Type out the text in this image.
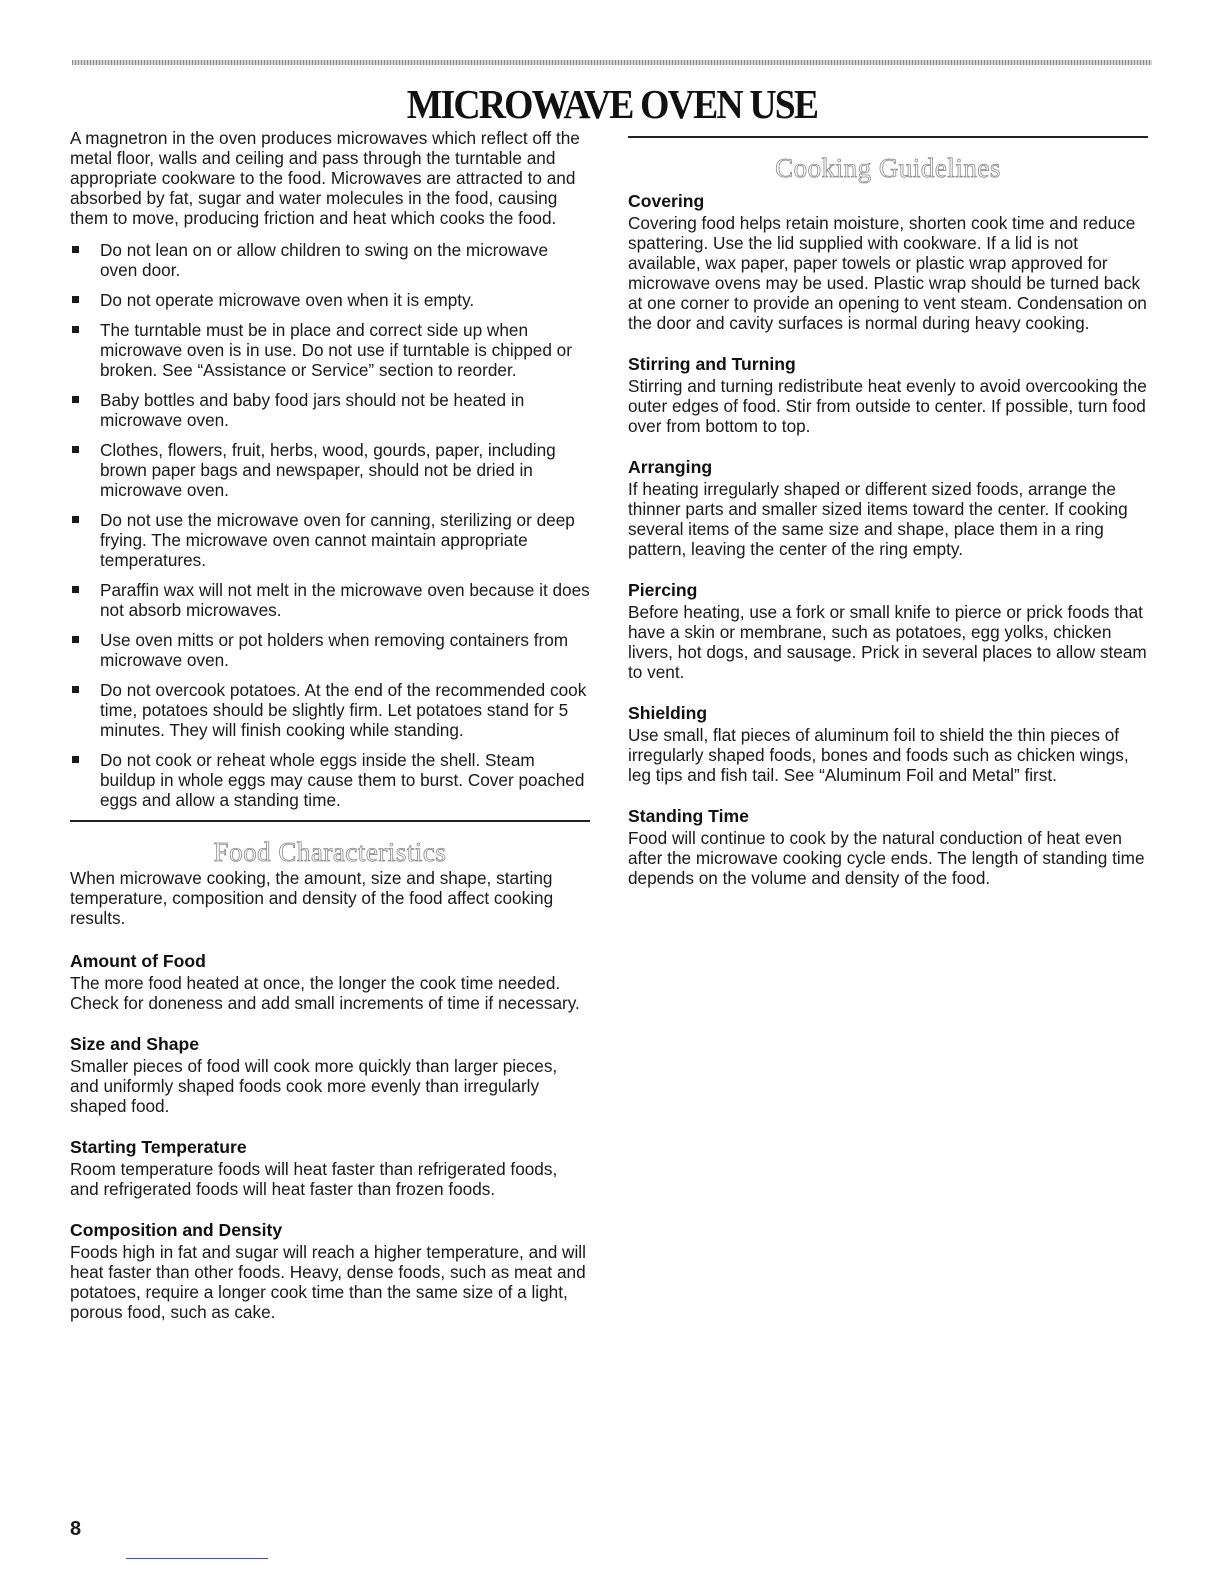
MICROWAVE OVEN USE

A magnetron in the oven produces microwaves which reflect off the metal floor, walls and ceiling and pass through the turntable and appropriate cookware to the food. Microwaves are attracted to and absorbed by fat, sugar and water molecules in the food, causing them to move, producing friction and heat which cooks the food.

Do not lean on or allow children to swing on the microwave oven door.
Do not operate microwave oven when it is empty.
The turntable must be in place and correct side up when microwave oven is in use. Do not use if turntable is chipped or broken. See “Assistance or Service” section to reorder.
Baby bottles and baby food jars should not be heated in microwave oven.
Clothes, flowers, fruit, herbs, wood, gourds, paper, including brown paper bags and newspaper, should not be dried in microwave oven.
Do not use the microwave oven for canning, sterilizing or deep frying. The microwave oven cannot maintain appropriate temperatures.
Paraffin wax will not melt in the microwave oven because it does not absorb microwaves.
Use oven mitts or pot holders when removing containers from microwave oven.
Do not overcook potatoes. At the end of the recommended cook time, potatoes should be slightly firm. Let potatoes stand for 5 minutes. They will finish cooking while standing.
Do not cook or reheat whole eggs inside the shell. Steam buildup in whole eggs may cause them to burst. Cover poached eggs and allow a standing time.
Food Characteristics

When microwave cooking, the amount, size and shape, starting temperature, composition and density of the food affect cooking results.

Amount of Food

The more food heated at once, the longer the cook time needed. Check for doneness and add small increments of time if necessary.

Size and Shape

Smaller pieces of food will cook more quickly than larger pieces, and uniformly shaped foods cook more evenly than irregularly shaped food.

Starting Temperature

Room temperature foods will heat faster than refrigerated foods, and refrigerated foods will heat faster than frozen foods.

Composition and Density

Foods high in fat and sugar will reach a higher temperature, and will heat faster than other foods. Heavy, dense foods, such as meat and potatoes, require a longer cook time than the same size of a light, porous food, such as cake.

Cooking Guidelines
Covering

Covering food helps retain moisture, shorten cook time and reduce spattering. Use the lid supplied with cookware. If a lid is not available, wax paper, paper towels or plastic wrap approved for microwave ovens may be used. Plastic wrap should be turned back at one corner to provide an opening to vent steam. Condensation on the door and cavity surfaces is normal during heavy cooking.

Stirring and Turning

Stirring and turning redistribute heat evenly to avoid overcooking the outer edges of food. Stir from outside to center. If possible, turn food over from bottom to top.

Arranging

If heating irregularly shaped or different sized foods, arrange the thinner parts and smaller sized items toward the center. If cooking several items of the same size and shape, place them in a ring pattern, leaving the center of the ring empty.

Piercing

Before heating, use a fork or small knife to pierce or prick foods that have a skin or membrane, such as potatoes, egg yolks, chicken livers, hot dogs, and sausage. Prick in several places to allow steam to vent.

Shielding

Use small, flat pieces of aluminum foil to shield the thin pieces of irregularly shaped foods, bones and foods such as chicken wings, leg tips and fish tail. See “Aluminum Foil and Metal” first.

Standing Time

Food will continue to cook by the natural conduction of heat even after the microwave cooking cycle ends. The length of standing time depends on the volume and density of the food.

8
